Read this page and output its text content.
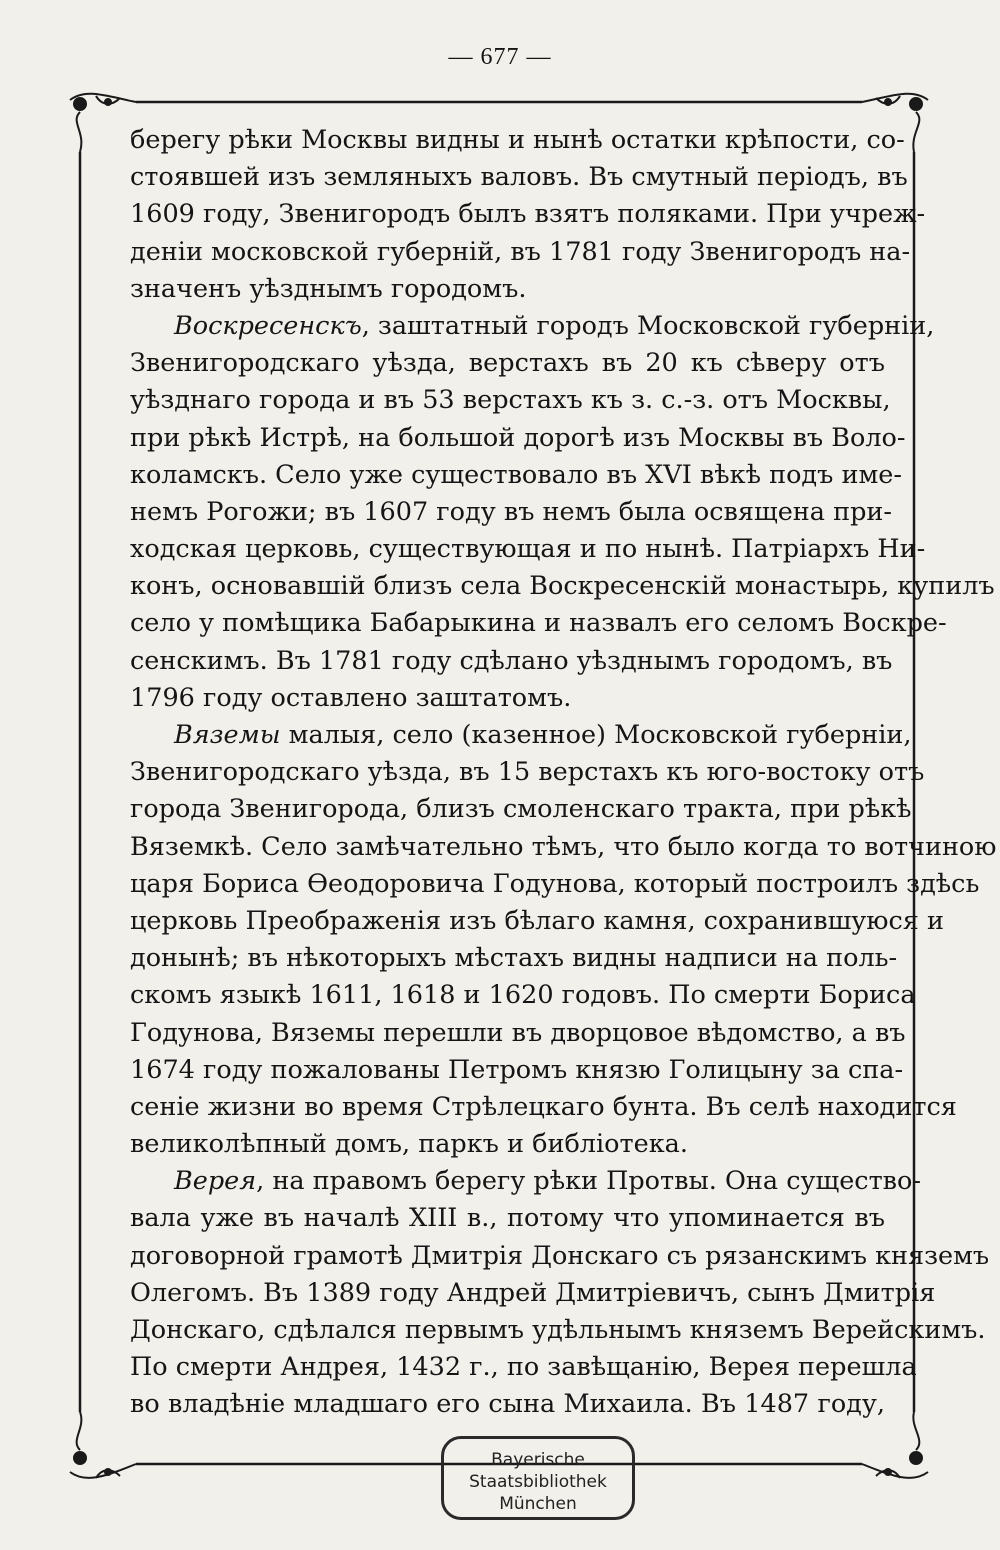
— 677 —
берегу рѣки Москвы видны и нынѣ остатки крѣпости, со-
стоявшей изъ земляныхъ валовъ. Въ смутный періодъ, въ
1609 году, Звенигородъ былъ взятъ поляками. При учреж-
деніи московской губерній, въ 1781 году Звенигородъ на-
значенъ уѣзднымъ городомъ.
Воскресенскъ, заштатный городъ Московской губерніи,
Звенигородскаго уѣзда, верстахъ въ 20 къ сѣверу отъ
уѣзднаго города и въ 53 верстахъ къ з. с.-з. отъ Москвы,
при рѣкѣ Истрѣ, на большой дорогѣ изъ Москвы въ Воло-
коламскъ. Село уже существовало въ XVI вѣкѣ подъ име-
немъ Рогожи; въ 1607 году въ немъ была освящена при-
ходская церковь, существующая и по нынѣ. Патріархъ Ни-
конъ, основавшій близъ села Воскресенскій монастырь, купилъ
село у помѣщика Бабарыкина и назвалъ его селомъ Воскре-
сенскимъ. Въ 1781 году сдѣлано уѣзднымъ городомъ, въ
1796 году оставлено заштатомъ.
Вяземы малыя, село (казенное) Московской губерніи,
Звенигородскаго уѣзда, въ 15 верстахъ къ юго-востоку отъ
города Звенигорода, близъ смоленскаго тракта, при рѣкѣ
Вяземкѣ. Село замѣчательно тѣмъ, что было когда то вотчиною
царя Бориса Ѳеодоровича Годунова, который построилъ здѣсь
церковь Преображенія изъ бѣлаго камня, сохранившуюся и
донынѣ; въ нѣкоторыхъ мѣстахъ видны надписи на поль-
скомъ языкѣ 1611, 1618 и 1620 годовъ. По смерти Бориса
Годунова, Вяземы перешли въ дворцовое вѣдомство, а въ
1674 году пожалованы Петромъ князю Голицыну за спа-
сеніе жизни во время Стрѣлецкаго бунта. Въ селѣ находится
великолѣпный домъ, паркъ и библіотека.
Верея, на правомъ берегу рѣки Протвы. Она существо-
вала уже въ началѣ XIII в., потому что упоминается въ
договорной грамотѣ Дмитрія Донскаго съ рязанскимъ княземъ
Олегомъ. Въ 1389 году Андрей Дмитріевичъ, сынъ Дмитрія
Донскаго, сдѣлался первымъ удѣльнымъ княземъ Верейскимъ.
По смерти Андрея, 1432 г., по завѣщанію, Верея перешла
во владѣніе младшаго его сына Михаила. Въ 1487 году,
Bayerische
Staatsbibliothek
München
